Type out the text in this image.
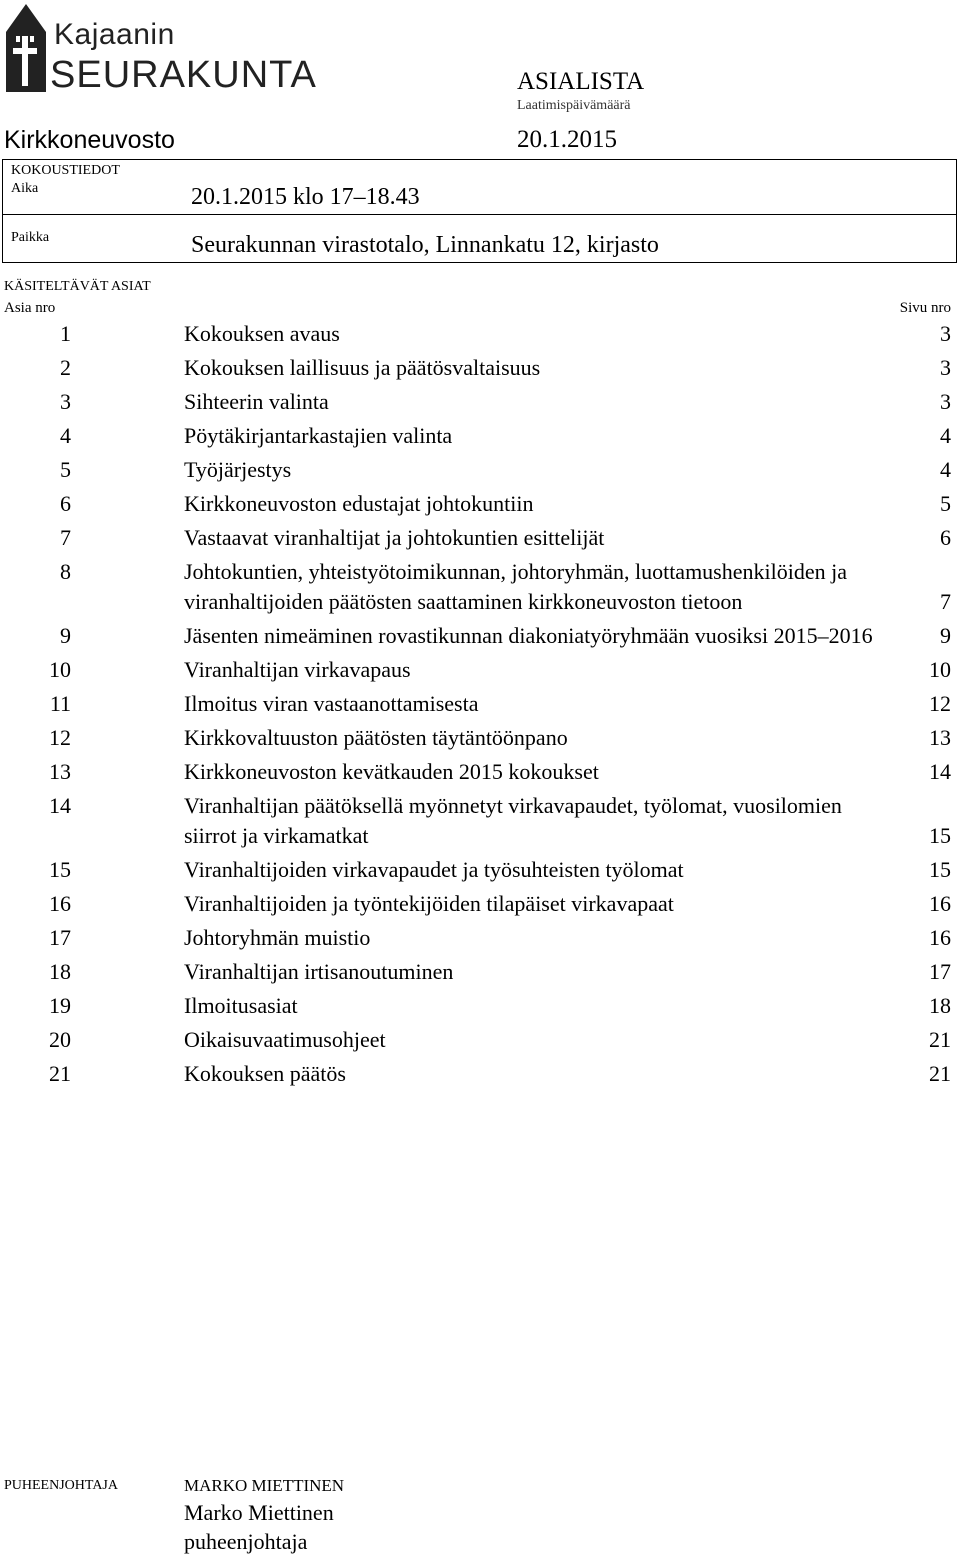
Kajaanin
SEURAKUNTA	ASIALISTA
Laatimispäivämäärä
Kirkkoneuvosto	20.1.2015
KOKOUSTIEDOT
Aika	20.1.2015 klo 17–18.43
Paikka	Seurakunnan virastotalo, Linnankatu 12, kirjasto
KÄSITELTÄVÄT ASIAT
Asia nro	Sivu nro
1	Kokouksen avaus	3
2	Kokouksen laillisuus ja päätösvaltaisuus	3
3	Sihteerin valinta	3
4	Pöytäkirjantarkastajien valinta	4
5	Työjärjestys	4
6	Kirkkoneuvoston edustajat johtokuntiin	5
7	Vastaavat viranhaltijat ja johtokuntien esittelijät	6
8	Johtokuntien, yhteistyötoimikunnan, johtoryhmän, luottamushenkilöiden ja viranhaltijoiden päätösten saattaminen kirkkoneuvoston tietoon	7
9	Jäsenten nimeäminen rovastikunnan diakoniatyöryhmään vuosiksi 2015–2016	9
10	Viranhaltijan virkavapaus	10
11	Ilmoitus viran vastaanottamisesta	12
12	Kirkkovaltuuston päätösten täytäntöönpano	13
13	Kirkkoneuvoston kevätkauden 2015 kokoukset	14
14	Viranhaltijan päätöksellä myönnetyt virkavapaudet, työlomat, vuosilomien siirrot ja virkamatkat	15
15	Viranhaltijoiden virkavapaudet ja työsuhteisten työlomat	15
16	Viranhaltijoiden ja työntekijöiden tilapäiset virkavapaat	16
17	Johtoryhmän muistio	16
18	Viranhaltijan irtisanoutuminen	17
19	Ilmoitusasiat	18
20	Oikaisuvaatimusohjeet	21
21	Kokouksen päätös	21
PUHEENJOHTAJA	MARKO MIETTINEN
Marko Miettinen
puheenjohtaja
